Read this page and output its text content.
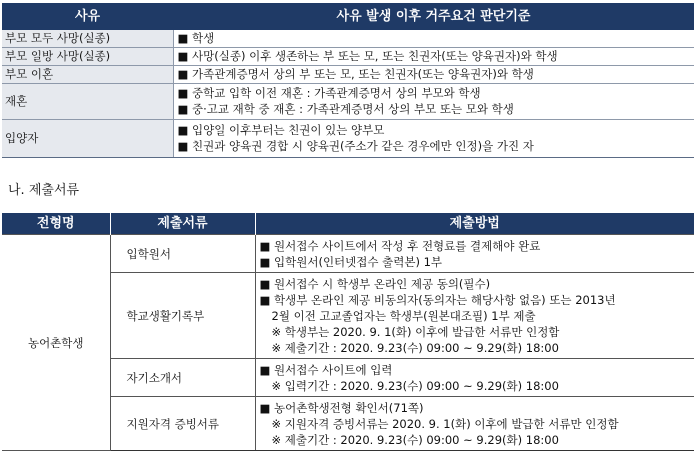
사유	사유 발생 이후 거주요건 판단기준
부모 모두 사망(실종)	■ 학생

부모 일방 사망(실종)	■ 사망(실종) 이후 생존하는 부 또는 모, 또는 친권자(또는 양육권자)와 학생

부모 이혼	■ 가족관계증명서 상의 부 또는 모, 또는 친권자(또는 양육권자)와 학생

재혼	■ 중학교 입학 이전 재혼 : 가족관계증명서 상의 부모와 학생
■ 중·고교 재학 중 재혼 : 가족관계증명서 상의 부모 또는 모와 학생

입양자	■ 입양일 이후부터는 친권이 있는 양부모
■ 친권과 양육권 경합 시 양육권(주소가 같은 경우에만 인정)을 가진 자
나. 제출서류
전형명	제출서류	제출방법
농어촌학생	입학원서	■ 원서접수 사이트에서 작성 후 전형료를 결제해야 완료
■ 입학원서(인터넷접수 출력본) 1부

	학교생활기록부	■ 원서접수 시 학생부 온라인 제공 동의(필수)
■ 학생부 온라인 제공 비동의자(동의자는 해당사항 없음) 또는 2013년
2월 이전 고교졸업자는 학생부(원본대조필) 1부 제출
※ 학생부는 2020. 9. 1(화) 이후에 발급한 서류만 인정함
※ 제출기간 : 2020. 9.23(수) 09:00 ~ 9.29(화) 18:00

	자기소개서	■ 원서접수 사이트에 입력
※ 입력기간 : 2020. 9.23(수) 09:00 ~ 9.29(화) 18:00

	지원자격 증빙서류	■ 농어촌학생전형 확인서(71쪽)
※ 지원자격 증빙서류는 2020. 9. 1(화) 이후에 발급한 서류만 인정함
※ 제출기간 : 2020. 9.23(수) 09:00 ~ 9.29(화) 18:00
